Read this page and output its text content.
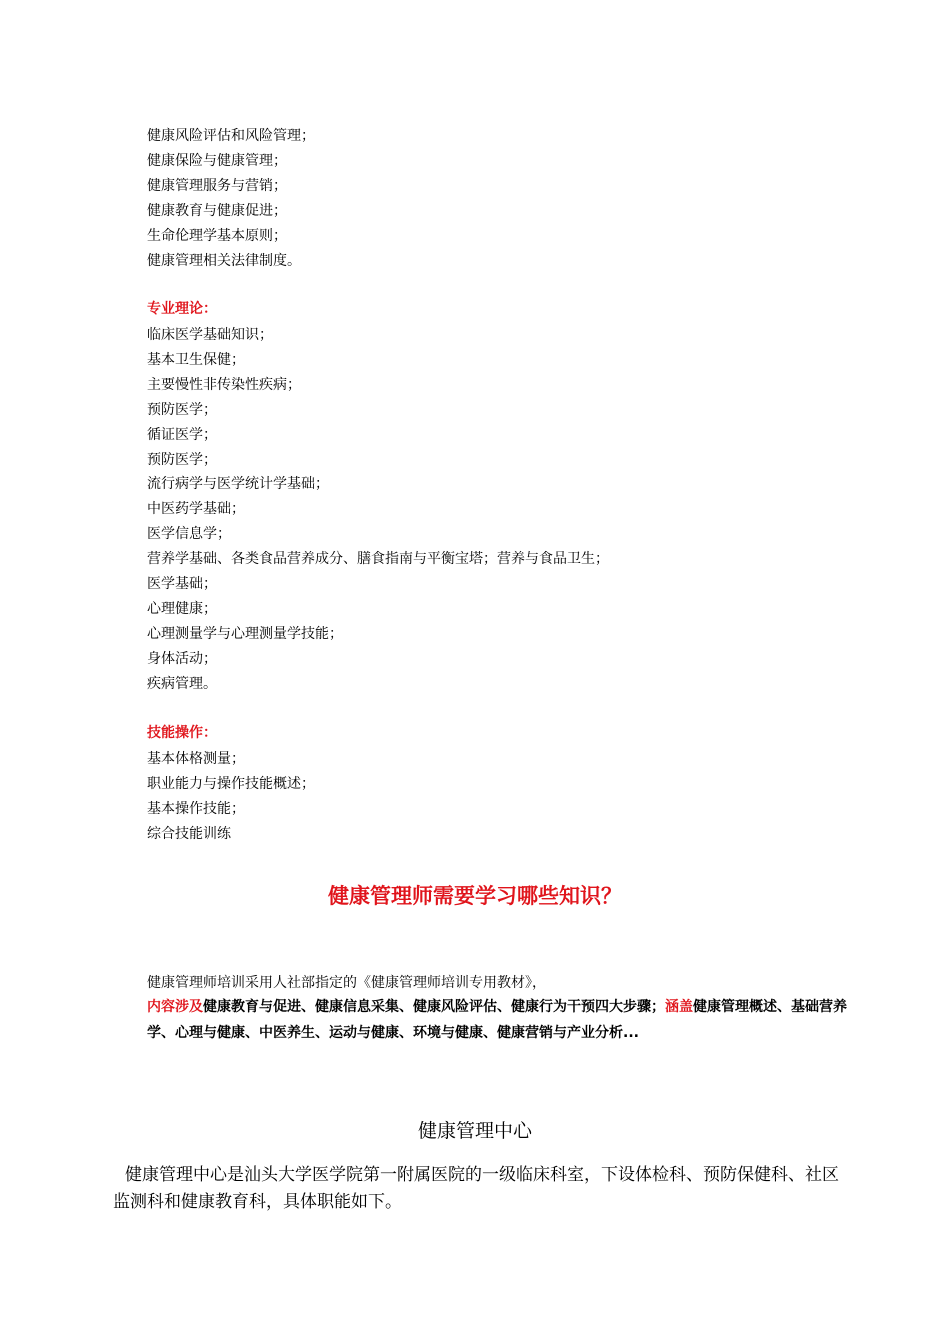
健康风险评估和风险管理；
健康保险与健康管理；
健康管理服务与营销；
健康教育与健康促进；
生命伦理学基本原则；
健康管理相关法律制度。
专业理论：
临床医学基础知识；
基本卫生保健；
主要慢性非传染性疾病；
预防医学；
循证医学；
预防医学；
流行病学与医学统计学基础；
中医药学基础；
医学信息学；
营养学基础、各类食品营养成分、膳食指南与平衡宝塔；营养与食品卫生；
医学基础；
心理健康；
心理测量学与心理测量学技能；
身体活动；
疾病管理。
技能操作：
基本体格测量；
职业能力与操作技能概述；
基本操作技能；
综合技能训练
健康管理师需要学习哪些知识？
健康管理师培训采用人社部指定的《健康管理师培训专用教材》，
内容涉及健康教育与促进、健康信息采集、健康风险评估、健康行为干预四大步骤；涵盖健康管理概述、基础营养学、心理与健康、中医养生、运动与健康、环境与健康、健康营销与产业分析...
健康管理中心
健康管理中心是汕头大学医学院第一附属医院的一级临床科室，下设体检科、预防保健科、社区监测科和健康教育科，具体职能如下。
